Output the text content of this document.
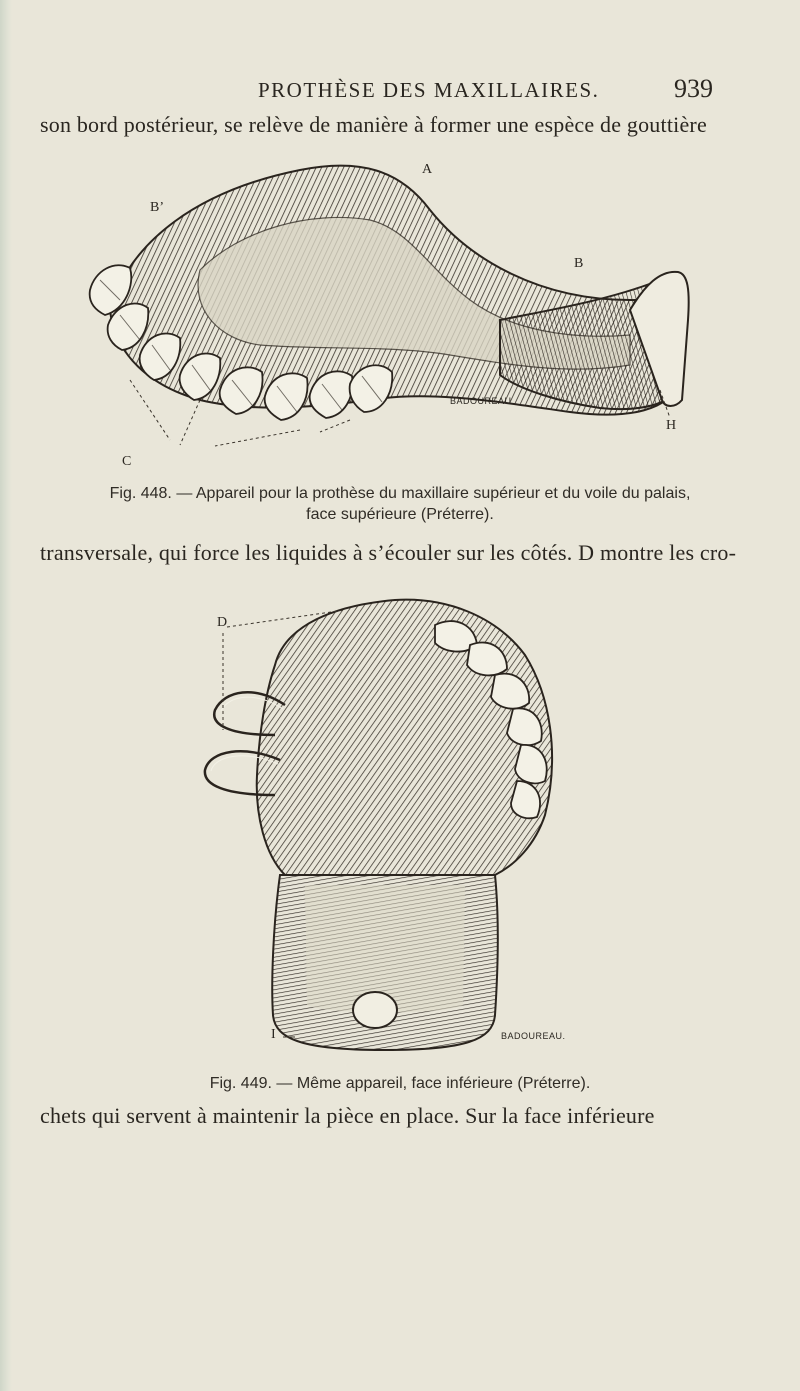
PROTHÈSE DES MAXILLAIRES.	939
son bord postérieur, se relève de manière à former une espèce de gouttière
A
B
B’
C
H
BADOUREAU.
Fig. 448. — Appareil pour la prothèse du maxillaire supérieur et du voile du palais,
face supérieure (Préterre).
transversale, qui force les liquides à s’écouler sur les côtés. D montre les cro-
D
I	BADOUREAU.
Fig. 449. — Même appareil, face inférieure (Préterre).
chets qui servent à maintenir la pièce en place. Sur la face inférieure
